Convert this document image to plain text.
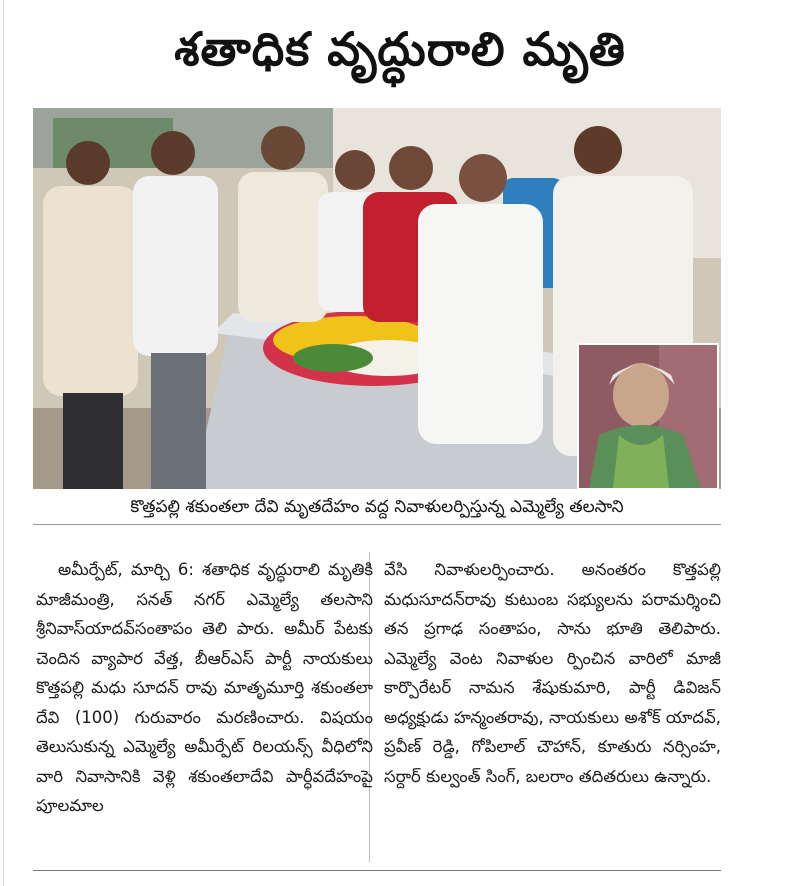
శతాధిక వృద్ధురాలి మృతి
కొత్తపల్లి శకుంతలా దేవి మృతదేహం వద్ద నివాళులర్పిస్తున్న ఎమ్మెల్యే తలసాని
అమీర్పేట్, మార్చి 6: శతాధిక వృద్ధురాలి మృతికి మాజీమంత్రి, సనత్ నగర్ ఎమ్మెల్యే తలసాని శ్రీనివాస్‌యాదవ్‌సంతాపం తెలి పారు. అమీర్ పేటకు చెందిన వ్యాపార వేత్త, బీఆర్ఎస్ పార్టీ నాయకులు కొత్తపల్లి మధు సూదన్ రావు మాతృమూర్తి శకుంతలా దేవి (100) గురువారం మరణించారు. విషయం తెలుసుకున్న ఎమ్మెల్యే అమీర్పేట్ రిలయన్స్ వీధిలోని వారి నివాసానికి వెళ్లి శకుంతలాదేవి పార్ధీవదేహంపై పూలమాల
వేసి నివాళులర్పించారు. అనంతరం కొత్తపల్లి మధుసూదన్‌రావు కుటుంబ సభ్యులను పరామర్శించి తన ప్రగాఢ సంతాపం, సాను భూతి తెలిపారు. ఎమ్మెల్యే వెంట నివాళుల ర్పించిన వారిలో మాజీ కార్పొరేటర్ నామన శేషుకుమారి, పార్టీ డివిజన్ అధ్యక్షుడు హన్మంతరావు, నాయకులు అశోక్ యాదవ్, ప్రవీణ్ రెడ్డి, గోపిలాల్ చౌహాన్, కూతురు నర్సింహ, సర్దార్ కుల్వంత్ సింగ్, బలరాం తదితరులు ఉన్నారు.
